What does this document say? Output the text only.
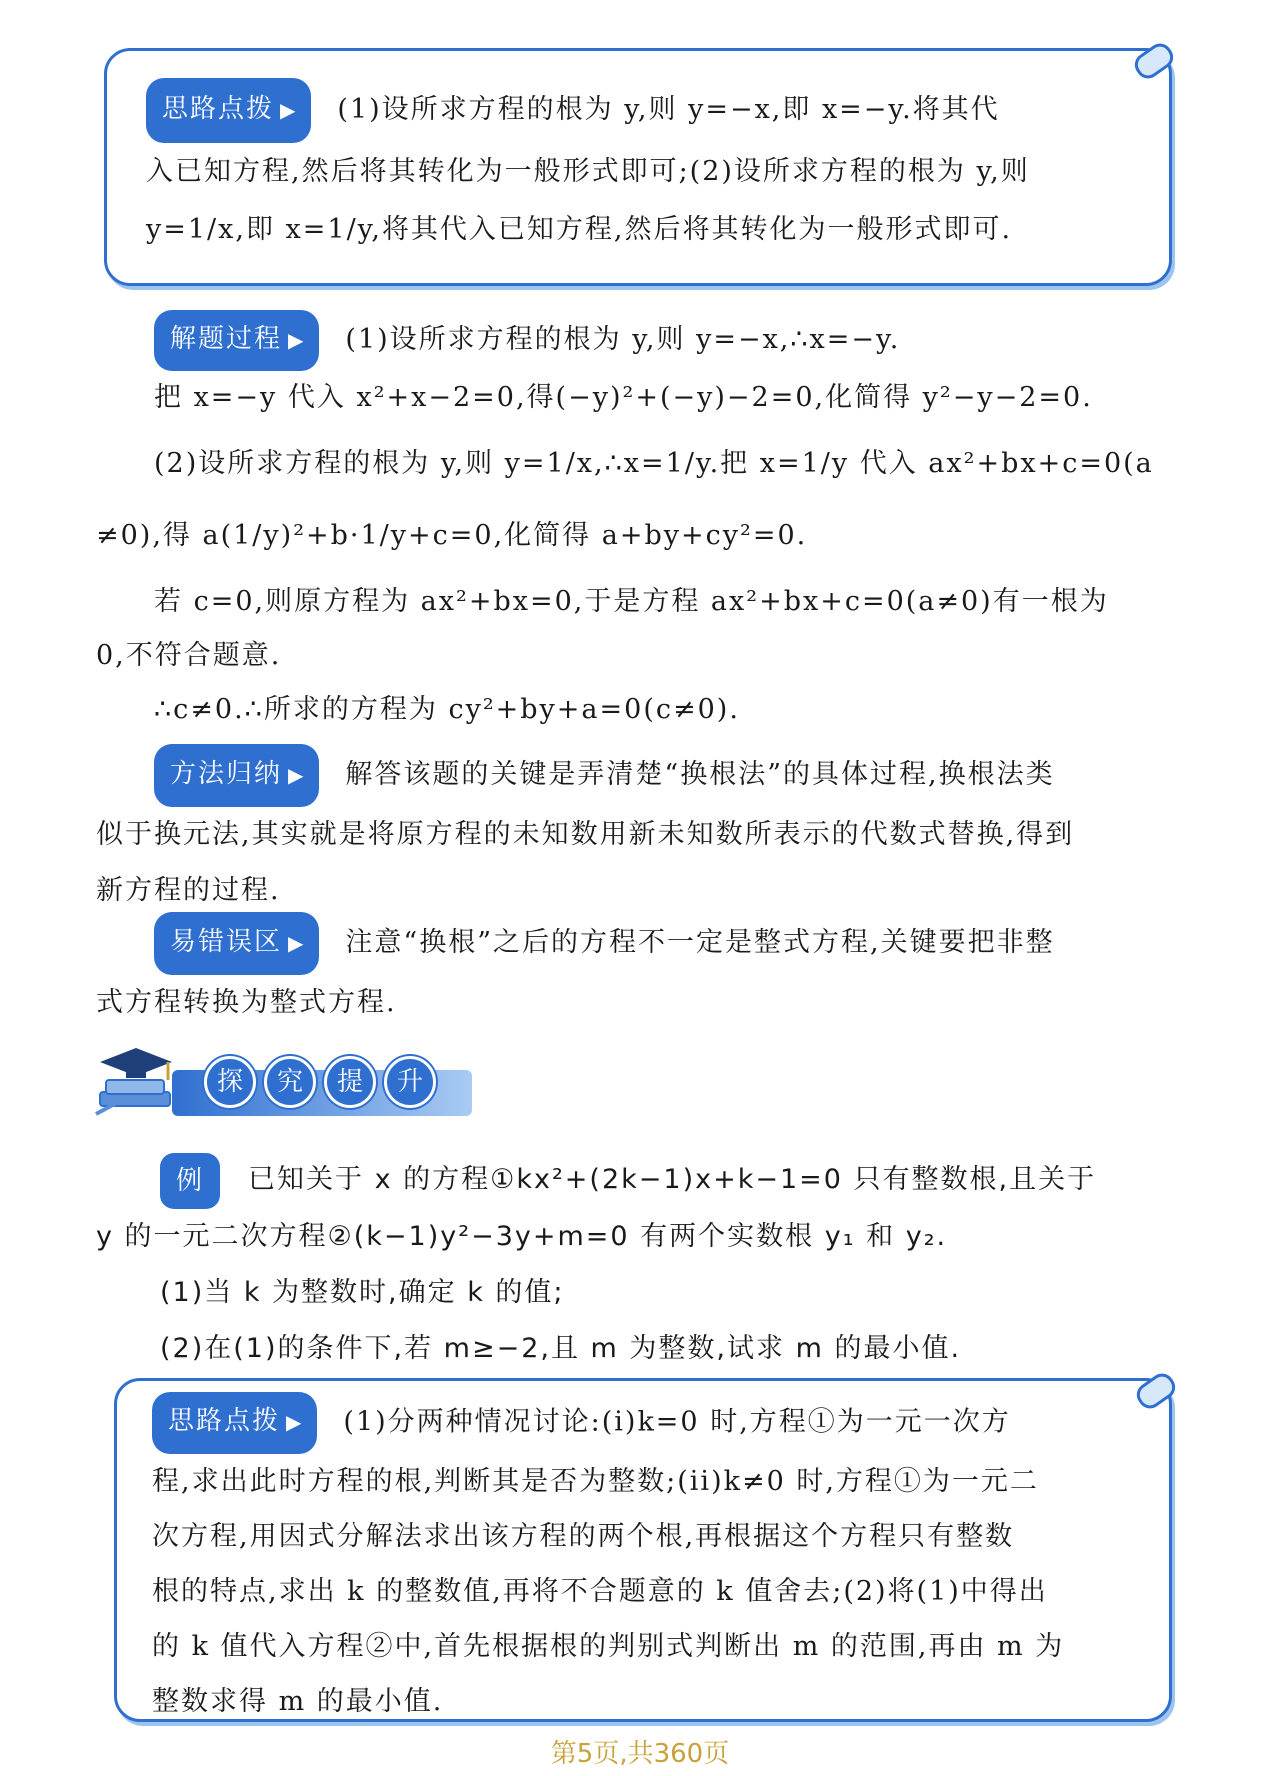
思路点拨 ▶ (1)设所求方程的根为 y,则 y=−x,即 x=−y.将其代
入已知方程,然后将其转化为一般形式即可;(2)设所求方程的根为 y,则
y=1/x,即 x=1/y,将其代入已知方程,然后将其转化为一般形式即可.
解题过程 ▶ (1)设所求方程的根为 y,则 y=−x,∴x=−y.
把 x=−y 代入 x²+x−2=0,得(−y)²+(−y)−2=0,化简得 y²−y−2=0.
(2)设所求方程的根为 y,则 y=1/x,∴x=1/y.把 x=1/y 代入 ax²+bx+c=0(a
≠0),得 a(1/y)²+b·1/y+c=0,化简得 a+by+cy²=0.
若 c=0,则原方程为 ax²+bx=0,于是方程 ax²+bx+c=0(a≠0)有一根为
0,不符合题意.
∴c≠0.∴所求的方程为 cy²+by+a=0(c≠0).
方法归纳 ▶ 解答该题的关键是弄清楚“换根法”的具体过程,换根法类
似于换元法,其实就是将原方程的未知数用新未知数所表示的代数式替换,得到
新方程的过程.
易错误区 ▶ 注意“换根”之后的方程不一定是整式方程,关键要把非整
式方程转换为整式方程.
探	究	提	升
例 已知关于 x 的方程①kx²+(2k−1)x+k−1=0 只有整数根,且关于
y 的一元二次方程②(k−1)y²−3y+m=0 有两个实数根 y₁ 和 y₂.
(1)当 k 为整数时,确定 k 的值;
(2)在(1)的条件下,若 m≥−2,且 m 为整数,试求 m 的最小值.
思路点拨 ▶ (1)分两种情况讨论:(i)k=0 时,方程①为一元一次方
程,求出此时方程的根,判断其是否为整数;(ii)k≠0 时,方程①为一元二
次方程,用因式分解法求出该方程的两个根,再根据这个方程只有整数
根的特点,求出 k 的整数值,再将不合题意的 k 值舍去;(2)将(1)中得出
的 k 值代入方程②中,首先根据根的判别式判断出 m 的范围,再由 m 为
整数求得 m 的最小值.
第5页,共360页
